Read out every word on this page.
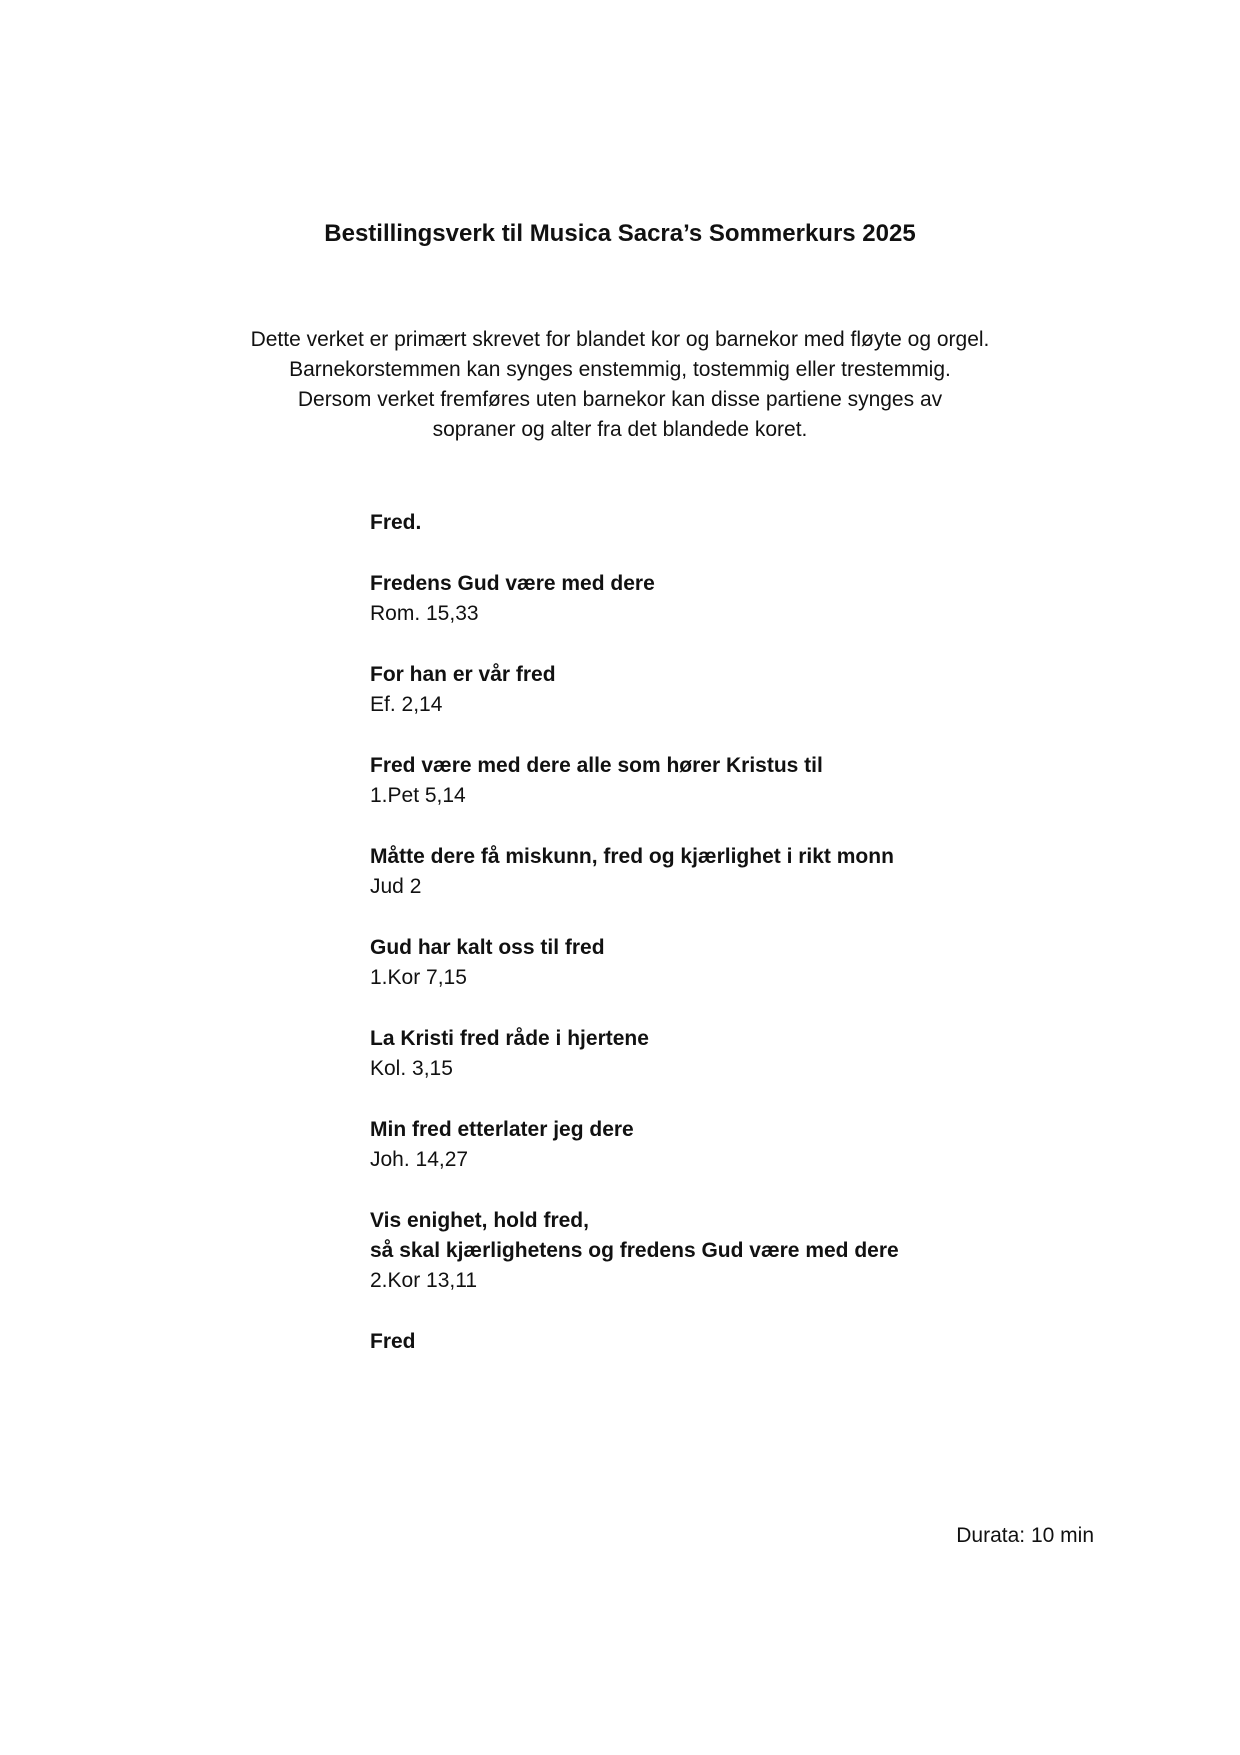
Bestillingsverk til Musica Sacra’s Sommerkurs 2025

Dette verket er primært skrevet for blandet kor og barnekor med fløyte og orgel.
Barnekorstemmen kan synges enstemmig, tostemmig eller trestemmig.
Dersom verket fremføres uten barnekor kan disse partiene synges av
sopraner og alter fra det blandede koret.

Fred.
Fredens Gud være med dere
Rom. 15,33
For han er vår fred
Ef. 2,14
Fred være med dere alle som hører Kristus til
1.Pet 5,14
Måtte dere få miskunn, fred og kjærlighet i rikt monn
Jud 2
Gud har kalt oss til fred
1.Kor 7,15
La Kristi fred råde i hjertene
Kol. 3,15
Min fred etterlater jeg dere
Joh. 14,27
Vis enighet, hold fred,
så skal kjærlighetens og fredens Gud være med dere
2.Kor 13,11
Fred

Durata: 10 min
